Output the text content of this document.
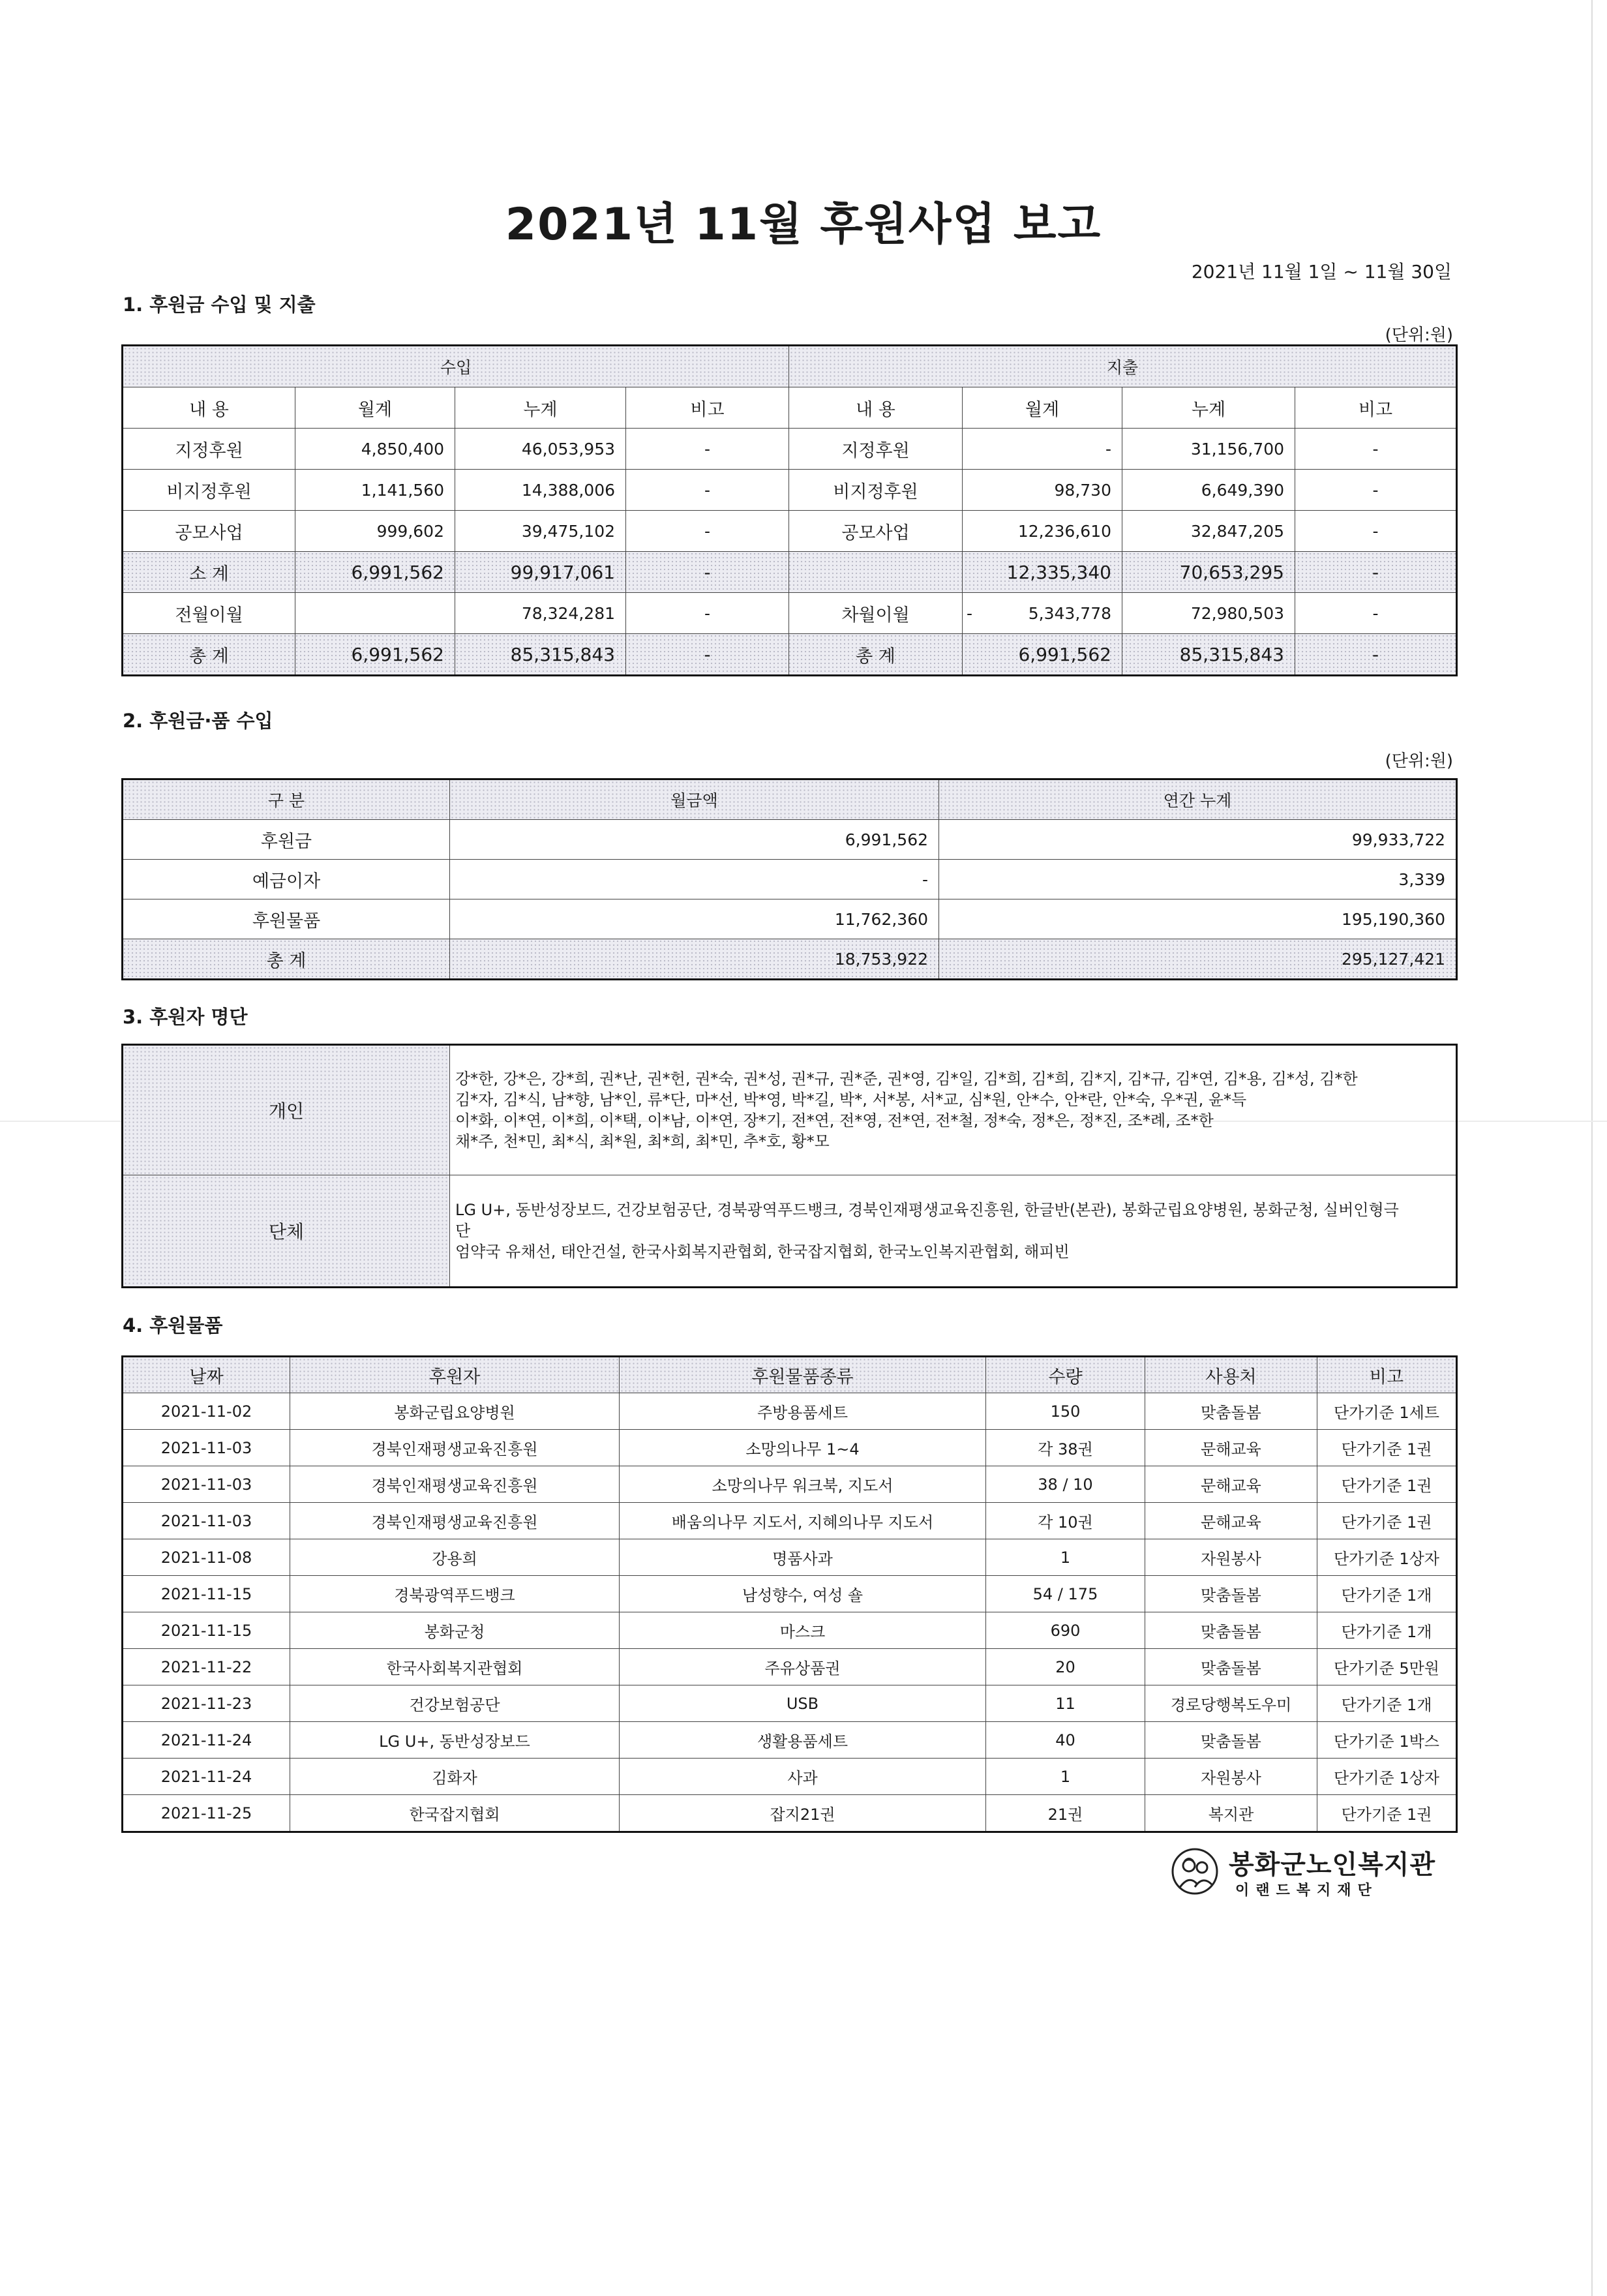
2021년 11월 후원사업 보고
2021년 11월 1일 ~ 11월 30일
1. 후원금 수입 및 지출
(단위:원)
수입				지출			
내 용	월계	누계	비고	내 용	월계	누계	비고
지정후원	4,850,400	46,053,953	-	지정후원	-	31,156,700	-
비지정후원	1,141,560	14,388,006	-	비지정후원	98,730	6,649,390	-
공모사업	999,602	39,475,102	-	공모사업	12,236,610	32,847,205	-
소 계	6,991,562	99,917,061	-		12,335,340	70,653,295	-
전월이월		78,324,281	-	차월이월	- 5,343,778	72,980,503	-
총 계	6,991,562	85,315,843	-	총 계	6,991,562	85,315,843	-
2. 후원금·품 수입
(단위:원)
구 분	월금액	연간 누계
후원금	6,991,562	99,933,722
예금이자	-	3,339
후원물품	11,762,360	195,190,360
총 계	18,753,922	295,127,421
3. 후원자 명단
개인	강*한, 강*은, 강*희, 권*난, 권*헌, 권*숙, 권*성, 권*규, 권*준, 권*영, 김*일, 김*희, 김*희, 김*지, 김*규, 김*연, 김*용, 김*성, 김*한
김*자, 김*식, 남*향, 남*인, 류*단, 마*선, 박*영, 박*길, 박*, 서*봉, 서*교, 심*원, 안*수, 안*란, 안*숙, 우*권, 윤*득
이*화, 이*연, 이*희, 이*택, 이*남, 이*연, 장*기, 전*연, 전*영, 전*연, 전*철, 정*숙, 정*은, 정*진, 조*례, 조*한
채*주, 천*민, 최*식, 최*원, 최*희, 최*민, 추*호, 황*모

단체	LG U+, 동반성장보드, 건강보험공단, 경북광역푸드뱅크, 경북인재평생교육진흥원, 한글반(본관), 봉화군립요양병원, 봉화군청, 실버인형극
단
엄약국 유채선, 태안건설, 한국사회복지관협회, 한국잡지협회, 한국노인복지관협회, 해피빈
4. 후원물품
날짜	후원자	후원물품종류	수량	사용처	비고
2021-11-02	봉화군립요양병원	주방용품세트	150	맞춤돌봄	단가기준 1세트
2021-11-03	경북인재평생교육진흥원	소망의나무 1~4	각 38권	문해교육	단가기준 1권
2021-11-03	경북인재평생교육진흥원	소망의나무 워크북, 지도서	38 / 10	문해교육	단가기준 1권
2021-11-03	경북인재평생교육진흥원	배움의나무 지도서, 지혜의나무 지도서	각 10권	문해교육	단가기준 1권
2021-11-08	강용희	명품사과	1	자원봉사	단가기준 1상자
2021-11-15	경북광역푸드뱅크	남성향수, 여성 숄	54 / 175	맞춤돌봄	단가기준 1개
2021-11-15	봉화군청	마스크	690	맞춤돌봄	단가기준 1개
2021-11-22	한국사회복지관협회	주유상품권	20	맞춤돌봄	단가기준 5만원
2021-11-23	건강보험공단	USB	11	경로당행복도우미	단가기준 1개
2021-11-24	LG U+, 동반성장보드	생활용품세트	40	맞춤돌봄	단가기준 1박스
2021-11-24	김화자	사과	1	자원봉사	단가기준 1상자
2021-11-25	한국잡지협회	잡지21권	21권	복지관	단가기준 1권
봉화군노인복지관
이랜드복지재단
